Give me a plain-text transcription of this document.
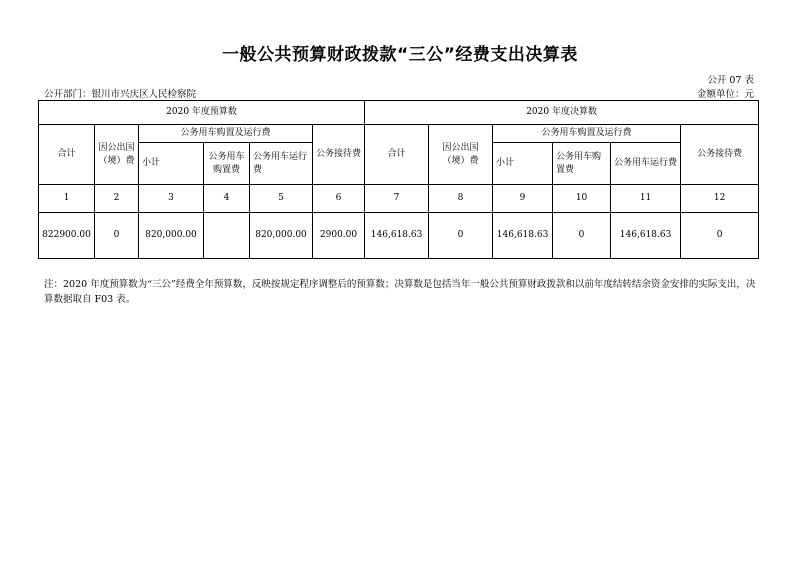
一般公共预算财政拨款“三公”经费支出决算表
公开 07 表
公开部门：银川市兴庆区人民检察院	金额单位：元
2020 年度预算数						2020 年度决算数					
合计	因公出国（境）费	公务用车购置及运行费			公务接待费	合计	因公出国（境）费	公务用车购置及运行费			公务接待费
		小计	公务用车购置费	公务用车运行费				小计	公务用车购置费	公务用车运行费	
1	2	3	4	5	6	7	8	9	10	11	12
822900.00	0	820,000.00		820,000.00	2900.00	146,618.63	0	146,618.63	0	146,618.63	0
注：2020 年度预算数为“三公”经费全年预算数，反映按规定程序调整后的预算数；决算数是包括当年一般公共预算财政拨款和以前年度结转结余资金安排的实际支出，决算数据取自 F03 表。
